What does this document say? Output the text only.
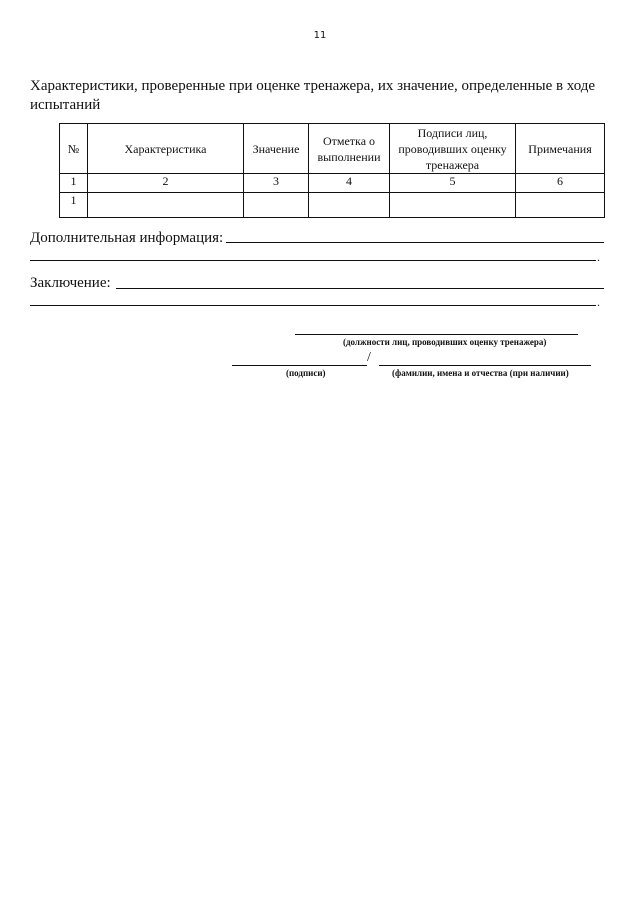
11
Характеристики, проверенные при оценке тренажера, их значение, определенные в ходе испытаний
№	Характеристика	Значение	Отметка о выполнении	Подписи лиц, проводивших оценку тренажера	Примечания
1	2	3	4	5	6
1					
Дополнительная информация:
.
Заключение:
.
(должности лиц, проводивших оценку тренажера)
/
(подписи)	(фамилии, имена и отчества (при наличии)
